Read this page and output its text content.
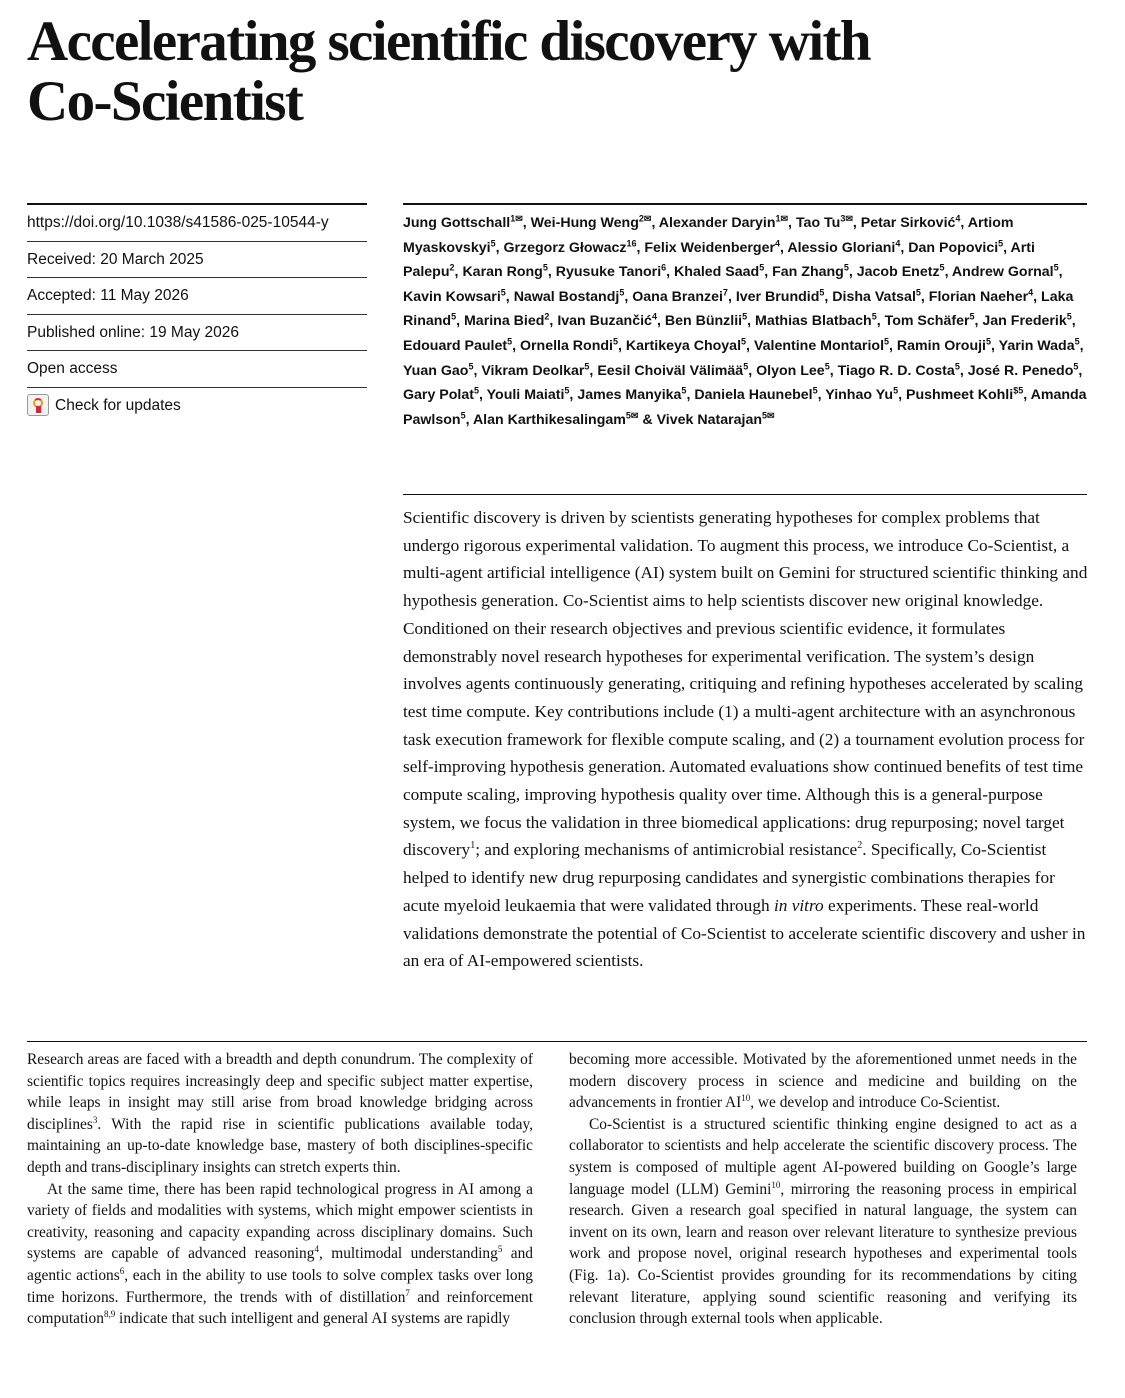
Accelerating scientific discovery with
Co-Scientist
https://doi.org/10.1038/s41586-025-10544-y
Received: 20 March 2025
Accepted: 11 May 2026
Published online: 19 May 2026
Open access
Check for updates
Jung Gottschall$^{1✉}$, Wei-Hung Weng$^{2✉}$, Alexander Daryin$^{1✉}$, Tao $Tu^{3✉}$, Petar Sirković$^4$, Artiom Myaskovskyi$^5$, Grzegorz Głowacz$^{16}$, Felix Weidenberger$^4$, Alessio Gloriani$^4$, Dan Popovici$^5$, Arti Palepu$^2$, Karan Rong$^5$, Ryusuke Tanori$^6$, Khaled Saad$^5$, Fan Zhang$^5$, Jacob Enetz$^5$, Andrew Gornal$^5$, Kavin Kowsari$^5$, Nawal Bostandj$^5$, Oana Branzei$^7$, Iver Brundid$^5$, Disha Vatsal$^5$, Florian Naeher$^4$, Laka Rinand$^5$, Marina Bied$^2$, Ivan Buzančić$^4$, Ben Bünzlii$^5$, Mathias Blatbach$^5$, Tom Schäfer$^5$, Jan Frederik$^5$, Edouard Paulet$^5$, Ornella Rondi$^5$, Kartikeya Choyal$^5$, Valentine Montariol$^5$, Ramin Orouji$^5$, Yarin Wada$^5$, Yuan Gao$^5$, Vikram Deolkar$^5$, Eesil Choiväl Välimää$^5$, Olyon Lee$^5$, Tiago R. D. Costa$^5$, José R. Penedo$^5$, Gary Polat$^5$, Youli Maiati$^5$, James Manyika$^5$, Daniela Haunebel$^5$, Yinhao Yu$^5$, Pushmeet Kohli$^{\$5}$, Amanda Pawlson$^5$, Alan Karthikesalingam$^{5✉}$ & Vivek Natarajan$^{5✉}$
Scientific discovery is driven by scientists generating hypotheses for complex problems that undergo rigorous experimental validation. To augment this process, we introduce Co-Scientist, a multi-agent artificial intelligence (AI) system built on Gemini for structured scientific thinking and hypothesis generation. Co-Scientist aims to help scientists discover new original knowledge. Conditioned on their research objectives and previous scientific evidence, it formulates demonstrably novel research hypotheses for experimental verification. The system’s design involves agents continuously generating, critiquing and refining hypotheses accelerated by scaling test time compute. Key contributions include (1) a multi-agent architecture with an asynchronous task execution framework for flexible compute scaling, and (2) a tournament evolution process for self-improving hypothesis generation. Automated evaluations show continued benefits of test time compute scaling, improving hypothesis quality over time. Although this is a general-purpose system, we focus the validation in three biomedical applications: drug repurposing; novel target discovery$^1$; and exploring mechanisms of antimicrobial resistance$^2$. Specifically, Co-Scientist helped to identify new drug repurposing candidates and synergistic combinations therapies for acute myeloid leukaemia that were validated through in vitro experiments. These real-world validations demonstrate the potential of Co-Scientist to accelerate scientific discovery and usher in an era of AI-empowered scientists.

Research areas are faced with a breadth and depth conundrum. The complexity of scientific topics requires increasingly deep and specific subject matter expertise, while leaps in insight may still arise from broad knowledge bridging across disciplines$^3$. With the rapid rise in scientific publications available today, maintaining an up-to-date knowledge base, mastery of both disciplines-specific depth and trans-disciplinary insights can stretch experts thin.

At the same time, there has been rapid technological progress in AI among a variety of fields and modalities with systems, which might empower scientists in creativity, reasoning and capacity expanding across disciplinary domains. Such systems are capable of advanced reasoning$^4$, multimodal understanding$^5$ and agentic actions$^6$, each in the ability to use tools to solve complex tasks over long time horizons. Furthermore, the trends with of distillation$^7$ and reinforcement computation$^{8,9}$ indicate that such intelligent and general AI systems are rapidly

becoming more accessible. Motivated by the aforementioned unmet needs in the modern discovery process in science and medicine and building on the advancements in frontier AI$^{10}$, we develop and introduce Co-Scientist.

Co-Scientist is a structured scientific thinking engine designed to act as a collaborator to scientists and help accelerate the scientific discovery process. The system is composed of multiple agent AI-powered building on Google’s large language model (LLM) Gemini$^{10}$, mirroring the reasoning process in empirical research. Given a research goal specified in natural language, the system can invent on its own, learn and reason over relevant literature to synthesize previous work and propose novel, original research hypotheses and experimental tools (Fig. 1a). Co-Scientist provides grounding for its recommendations by citing relevant literature, applying sound scientific reasoning and verifying its conclusion through external tools when applicable.
